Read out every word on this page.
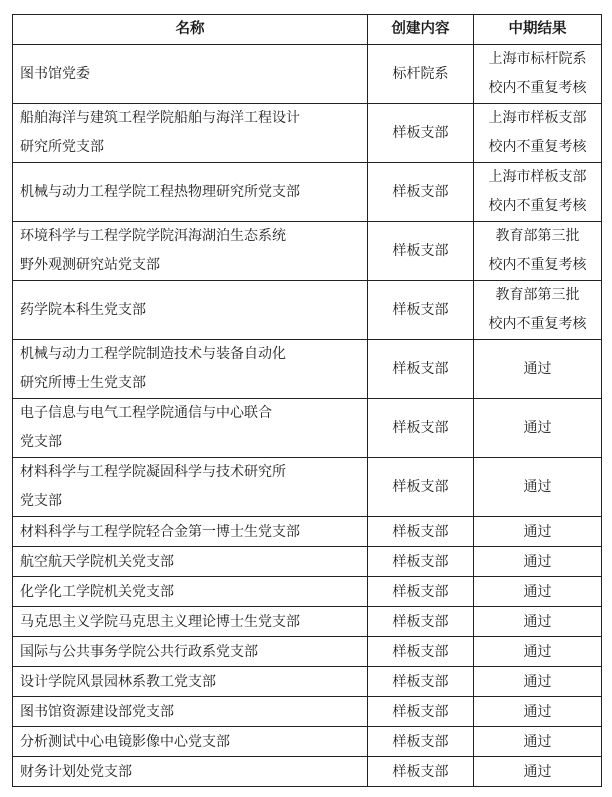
名称	创建内容	中期结果

图书馆党委	标杆院系	上海市标杆院系
校内不重复考核

船舶海洋与建筑工程学院船舶与海洋工程设计
研究所党支部	样板支部	上海市样板支部
校内不重复考核

机械与动力工程学院工程热物理研究所党支部	样板支部	上海市样板支部
校内不重复考核

环境科学与工程学院学院洱海湖泊生态系统
野外观测研究站党支部	样板支部	教育部第三批
校内不重复考核

药学院本科生党支部	样板支部	教育部第三批
校内不重复考核

机械与动力工程学院制造技术与装备自动化
研究所博士生党支部	样板支部	通过

电子信息与电气工程学院通信与中心联合
党支部	样板支部	通过

材料科学与工程学院凝固科学与技术研究所
党支部	样板支部	通过

材料科学与工程学院轻合金第一博士生党支部	样板支部	通过

航空航天学院机关党支部	样板支部	通过

化学化工学院机关党支部	样板支部	通过

马克思主义学院马克思主义理论博士生党支部	样板支部	通过

国际与公共事务学院公共行政系党支部	样板支部	通过

设计学院风景园林系教工党支部	样板支部	通过

图书馆资源建设部党支部	样板支部	通过

分析测试中心电镜影像中心党支部	样板支部	通过

财务计划处党支部	样板支部	通过
